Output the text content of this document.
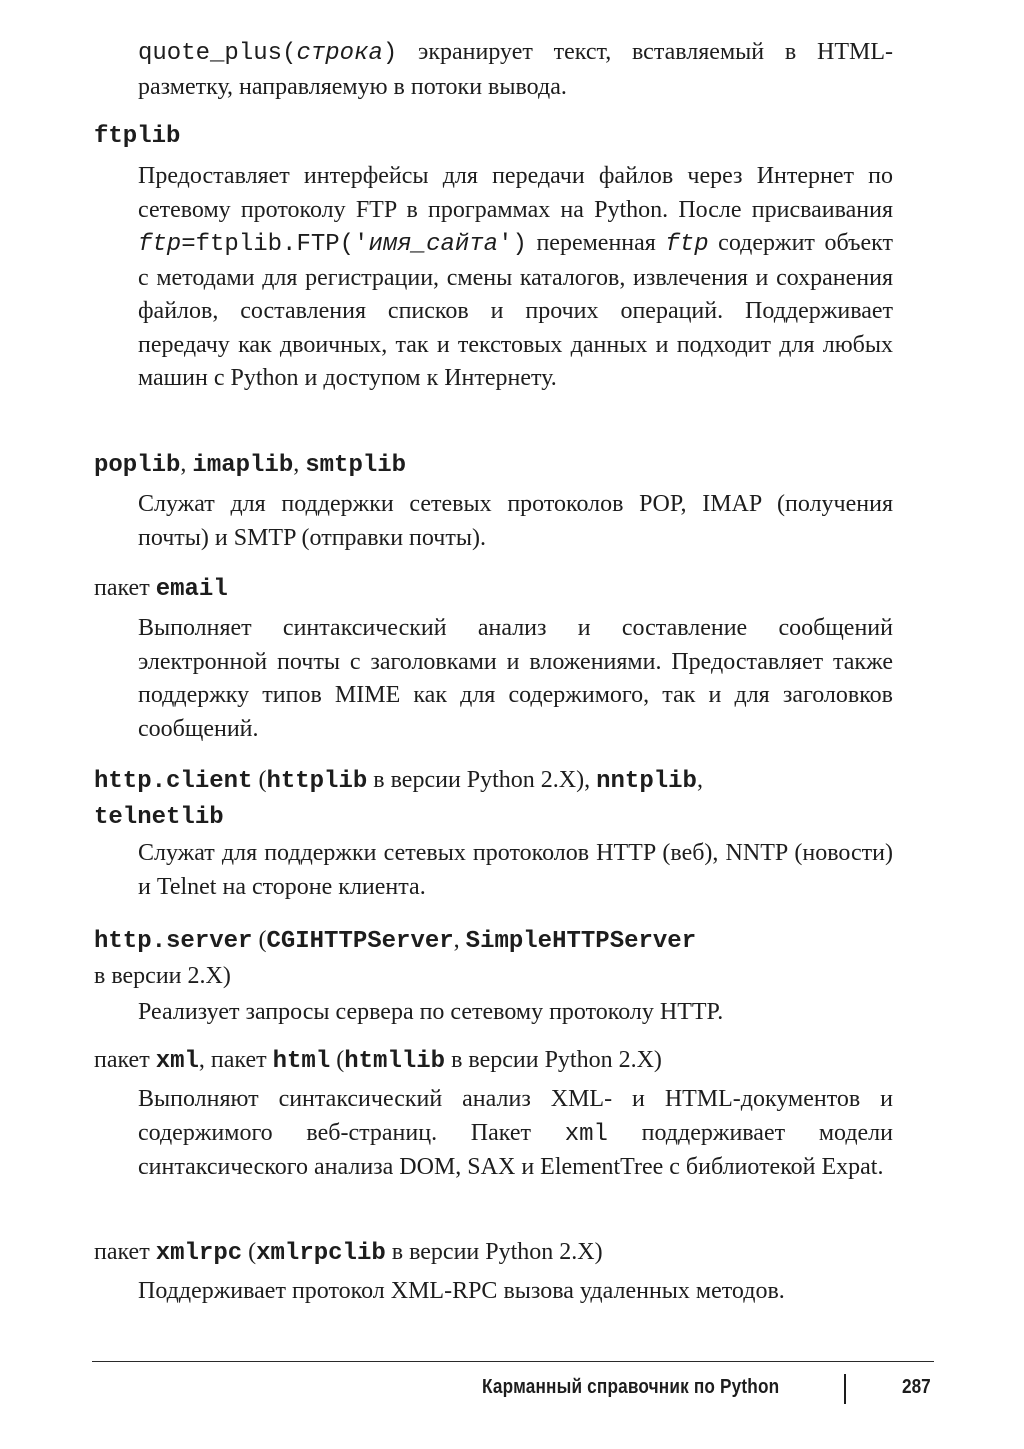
quote_plus(строка) экранирует текст, вставляемый в HTML-разметку, направляемую в потоки вывода.
ftplib
Предоставляет интерфейсы для передачи файлов через Интернет по сетевому протоколу FTP в программах на Python. После присваивания ftp=ftplib.FTP('имя_сайта') переменная ftp содержит объект с методами для регистрации, смены каталогов, извлечения и сохранения файлов, составления списков и прочих операций. Поддерживает передачу как двоичных, так и текстовых данных и подходит для любых машин с Python и доступом к Интернету.
poplib, imaplib, smtplib
Служат для поддержки сетевых протоколов POP, IMAP (получения почты) и SMTP (отправки почты).
пакет email
Выполняет синтаксический анализ и составление сообщений электронной почты с заголовками и вложениями. Предоставляет также поддержку типов MIME как для содержимого, так и для заголовков сообщений.
http.client (httplib в версии Python 2.X), nntplib,
telnetlib
Служат для поддержки сетевых протоколов HTTP (веб), NNTP (новости) и Telnet на стороне клиента.
http.server (CGIHTTPServer, SimpleHTTPServer
в версии 2.X)
Реализует запросы сервера по сетевому протоколу HTTP.
пакет xml, пакет html (htmllib в версии Python 2.X)
Выполняют синтаксический анализ XML- и HTML-документов и содержимого веб-страниц. Пакет xml поддерживает модели синтаксического анализа DOM, SAX и ElementTree с библиотекой Expat.
пакет xmlrpc (xmlrpclib в версии Python 2.X)
Поддерживает протокол XML-RPC вызова удаленных методов.
Карманный справочник по Python	287
